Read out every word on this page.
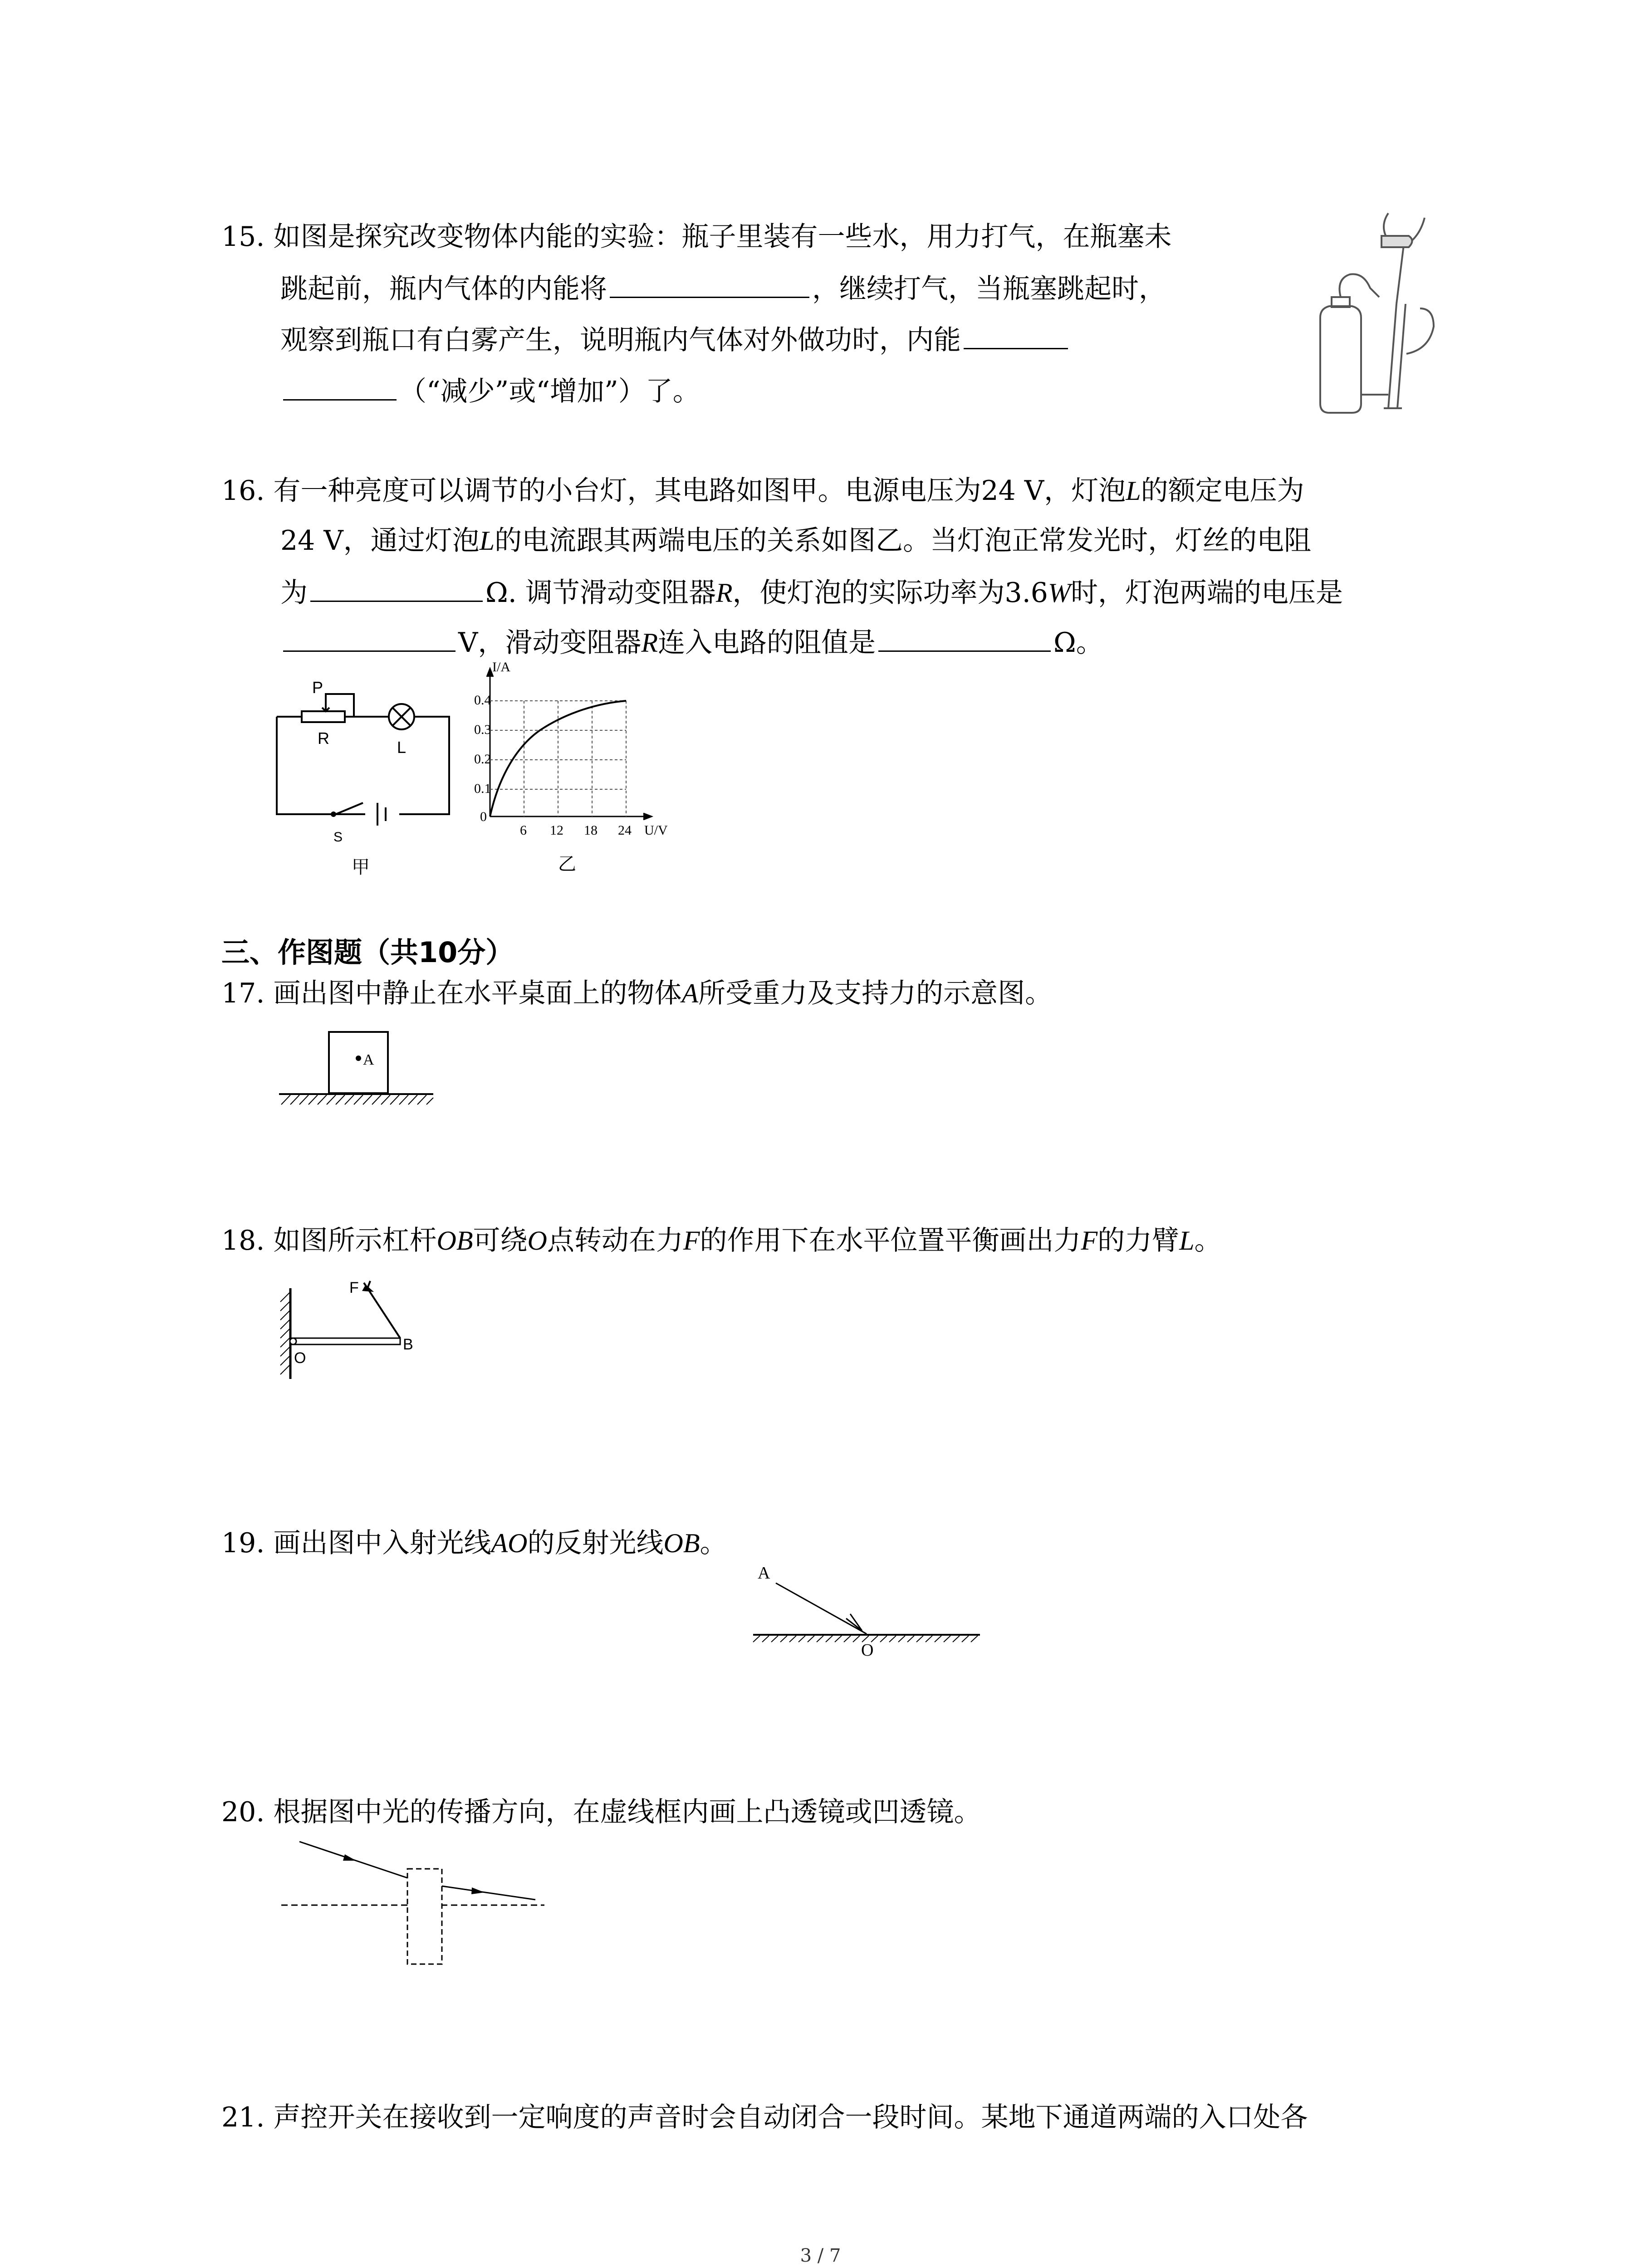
15. 如图是探究改变物体内能的实验：瓶子里装有一些水，用力打气，在瓶塞未
跳起前，瓶内气体的内能将	，继续打气，当瓶塞跳起时，
观察到瓶口有白雾产生，说明瓶内气体对外做功时，内能
（“减少”或“增加”）了。
16. 有一种亮度可以调节的小台灯，其电路如图甲。电源电压为24 V，灯泡L的额定电压为
24 V，通过灯泡L的电流跟其两端电压的关系如图乙。当灯泡正常发光时，灯丝的电阻
为	Ω. 调节滑动变阻器R，使灯泡的实际功率为3.6W时，灯泡两端的电压是
V，滑动变阻器R连入电路的阻值是	Ω。
P
R	L
S
甲
I/A
0.4
0.3
0.2
0.1
0
6 12 18 24 U/V
乙
三、作图题（共10分）
17. 画出图中静止在水平桌面上的物体A所受重力及支持力的示意图。
A
18. 如图所示杠杆OB可绕O点转动在力F的作用下在水平位置平衡画出力F的力臂L。
F
O
B
19. 画出图中入射光线AO的反射光线OB。
A
O
20. 根据图中光的传播方向，在虚线框内画上凸透镜或凹透镜。
21. 声控开关在接收到一定响度的声音时会自动闭合一段时间。某地下通道两端的入口处各
3 / 7
